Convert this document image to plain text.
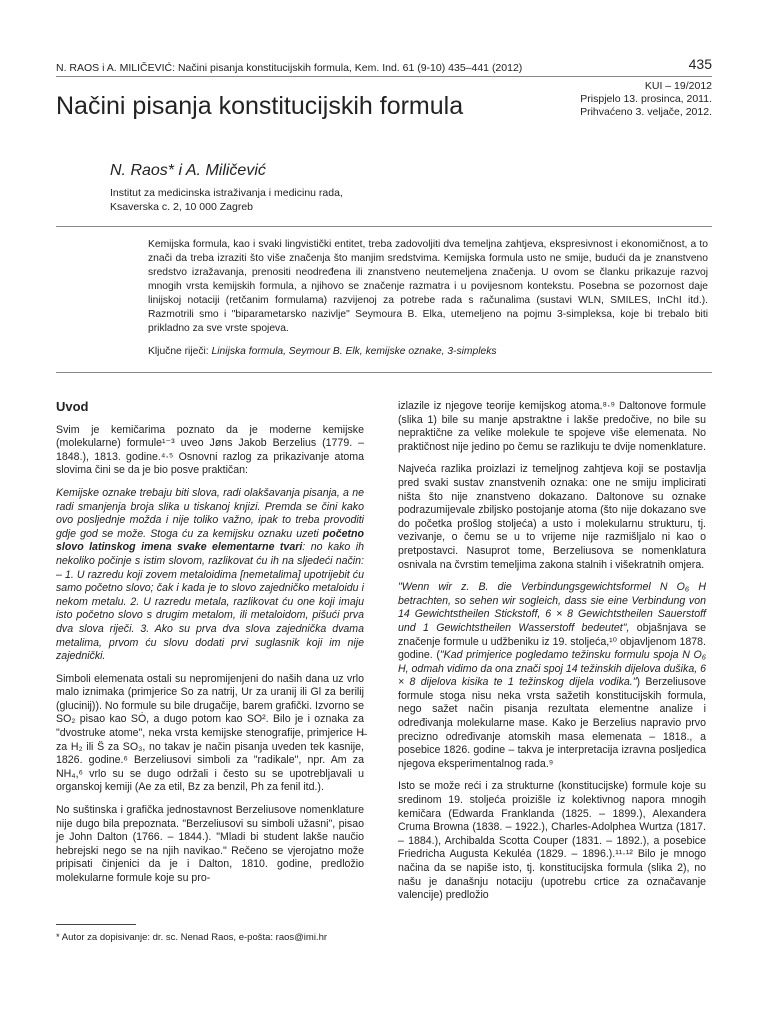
N. RAOS i A. MILIČEVIĆ: Načini pisanja konstitucijskih formula, Kem. Ind. 61 (9-10) 435–441 (2012)	435
Načini pisanja konstitucijskih formula
KUI – 19/2012
Prispjelo 13. prosinca, 2011.
Prihvaćeno 3. veljače, 2012.

N. Raos* i A. Miličević

Institut za medicinska istraživanja i medicinu rada,
Ksaverska c. 2, 10 000 Zagreb

Kemijska formula, kao i svaki lingvistički entitet, treba zadovoljiti dva temeljna zahtjeva, ekspresivnost i ekonomičnost, a to znači da treba izraziti što više značenja što manjim sredstvima. Kemijska formula usto ne smije, budući da je znanstveno sredstvo izražavanja, prenositi neodređena ili znanstveno neutemeljena značenja. U ovom se članku prikazuje razvoj mnogih vrsta kemijskih formula, a njihovo se značenje razmatra i u povijesnom kontekstu. Posebna se pozornost daje linijskoj notaciji (retčanim formulama) razvijenoj za potrebe rada s računalima (sustavi WLN, SMILES, InChI itd.). Razmotrili smo i "biparametarsko nazivlje" Seymoura B. Elka, utemeljeno na pojmu 3-simpleksa, koje bi trebalo biti prikladno za sve vrste spojeva.

Ključne riječi: Linijska formula, Seymour B. Elk, kemijske oznake, 3-simpleks
Uvod

Svim je kemičarima poznato da je moderne kemijske (molekularne) formule¹⁻³ uveo Jøns Jakob Berzelius (1779. – 1848.), 1813. godine.⁴·⁵ Osnovni razlog za prikazivanje atoma slovima čini se da je bio posve praktičan:

Kemijske oznake trebaju biti slova, radi olakšavanja pisanja, a ne radi smanjenja broja slika u tiskanoj knjizi. Premda se čini kako ovo posljednje možda i nije toliko važno, ipak to treba provoditi gdje god se može. Stoga ću za kemijsku oznaku uzeti početno slovo latinskog imena svake elementarne tvari: no kako ih nekoliko počinje s istim slovom, razlikovat ću ih na sljedeći način: – 1. U razredu koji zovem metaloidima [nemetalima] upotrijebit ću samo početno slovo; čak i kada je to slovo zajedničko metaloidu i nekom metalu. 2. U razredu metala, razlikovat ću one koji imaju isto početno slovo s drugim metalom, ili metaloidom, pišući prva dva slova riječi. 3. Ako su prva dva slova zajednička dvama metalima, prvom ću slovu dodati prvi suglasnik koji im nije zajednički.

Simboli elemenata ostali su nepromijenjeni do naših dana uz vrlo malo iznimaka (primjerice So za natrij, Ur za uranij ili Gl za berilij (glucinij)). No formule su bile drugačije, barem grafički. Izvorno se SO₂ pisao kao SȮ, a dugo potom kao SO². Bilo je i oznaka za "dvostruke atome", neka vrsta kemijske stenografije, primjerice H̶ za H₂ ili S̈ za SO₃, no takav je način pisanja uveden tek kasnije, 1826. godine.⁶ Berzeliusovi simboli za "radikale", npr. Am za NH₄,⁶ vrlo su se dugo održali i često su se upotrebljavali u organskoj kemiji (Ae za etil, Bz za benzil, Ph za fenil itd.).

No suštinska i grafička jednostavnost Berzeliusove nomenklature nije dugo bila prepoznata. "Berzeliusovi su simboli užasni", pisao je John Dalton (1766. – 1844.). "Mladi bi student lakše naučio hebrejski nego se na njih navikao." Rečeno se vjerojatno može pripisati činjenici da je i Dalton, 1810. godine, predložio molekularne formule koje su pro-

izlazile iz njegove teorije kemijskog atoma.⁸·⁹ Daltonove formule (slika 1) bile su manje apstraktne i lakše predočive, no bile su nepraktične za velike molekule te spojeve više elemenata. No praktičnost nije jedino po čemu se razlikuju te dvije nomenklature.

Najveća razlika proizlazi iz temeljnog zahtjeva koji se postavlja pred svaki sustav znanstvenih oznaka: one ne smiju implicirati ništa što nije znanstveno dokazano. Daltonove su oznake podrazumijevale zbiljsko postojanje atoma (što nije dokazano sve do početka prošlog stoljeća) a usto i molekularnu strukturu, tj. vezivanje, o čemu se u to vrijeme nije razmišljalo ni kao o pretpostavci. Nasuprot tome, Berzeliusova se nomenklatura osnivala na čvrstim temeljima zakona stalnih i višekratnih omjera.

"Wenn wir z. B. die Verbindungsgewichtsformel N O₆ H betrachten, so sehen wir sogleich, dass sie eine Verbindung von 14 Gewichtstheilen Stickstoff, 6 × 8 Gewichtstheilen Sauerstoff und 1 Gewichtstheilen Wasserstoff bedeutet", objašnjava se značenje formule u udžbeniku iz 19. stoljeća,¹⁰ objavljenom 1878. godine. ("Kad primjerice pogledamo težinsku formulu spoja N O₆ H, odmah vidimo da ona znači spoj 14 težinskih dijelova dušika, 6 × 8 dijelova kisika te 1 težinskog dijela vodika.") Berzeliusove formule stoga nisu neka vrsta sažetih konstitucijskih formula, nego sažet način pisanja rezultata elementne analize i određivanja molekularne mase. Kako je Berzelius napravio prvo precizno određivanje atomskih masa elemenata – 1818., a posebice 1826. godine – takva je interpretacija izravna posljedica njegova eksperimentalnog rada.⁹

Isto se može reći i za strukturne (konstitucijske) formule koje su sredinom 19. stoljeća proizišle iz kolektivnog napora mnogih kemičara (Edwarda Franklanda (1825. – 1899.), Alexandera Cruma Browna (1838. – 1922.), Charles-Adolphea Wurtza (1817. – 1884.), Archibalda Scotta Couper (1831. – 1892.), a posebice Friedricha Augusta Kekuléa (1829. – 1896.).¹¹·¹² Bilo je mnogo načina da se napiše isto, tj. konstitucijska formula (slika 2), no našu je današnju notaciju (upotrebu crtice za označavanje valencije) predložio

* Autor za dopisivanje: dr. sc. Nenad Raos, e-pošta: raos@imi.hr
